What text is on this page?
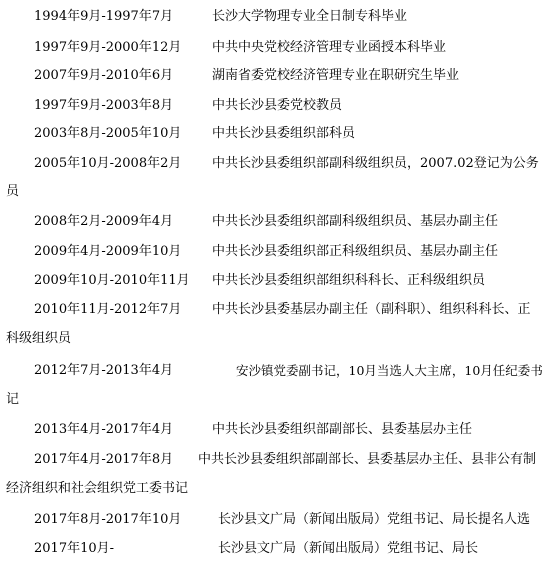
1994年9月-1997年7月	长沙大学物理专业全日制专科毕业
1997年9月-2000年12月 中共中央党校经济管理专业函授本科毕业
2007年9月-2010年6月	湖南省委党校经济管理专业在职研究生毕业
1997年9月-2003年8月	中共长沙县委党校教员
2003年8月-2005年10月 中共长沙县委组织部科员
2005年10月-2008年2月 中共长沙县委组织部副科级组织员，2007.02登记为公务
员
2008年2月-2009年4月	中共长沙县委组织部副科级组织员、基层办副主任
2009年4月-2009年10月 中共长沙县委组织部正科级组织员、基层办副主任
2009年10月-2010年11月 中共长沙县委组织部组织科科长、正科级组织员
2010年11月-2012年7月 中共长沙县委基层办副主任（副科职）、组织科科长、正
科级组织员
2012年7月-2013年4月	安沙镇党委副书记，10月当选人大主席，10月任纪委书
记
2013年4月-2017年4月	中共长沙县委组织部副部长、县委基层办主任
2017年4月-2017年8月 中共长沙县委组织部副部长、县委基层办主任、县非公有制
经济组织和社会组织党工委书记
2017年8月-2017年10月	长沙县文广局（新闻出版局）党组书记、局长提名人选
2017年10月-	长沙县文广局（新闻出版局）党组书记、局长
